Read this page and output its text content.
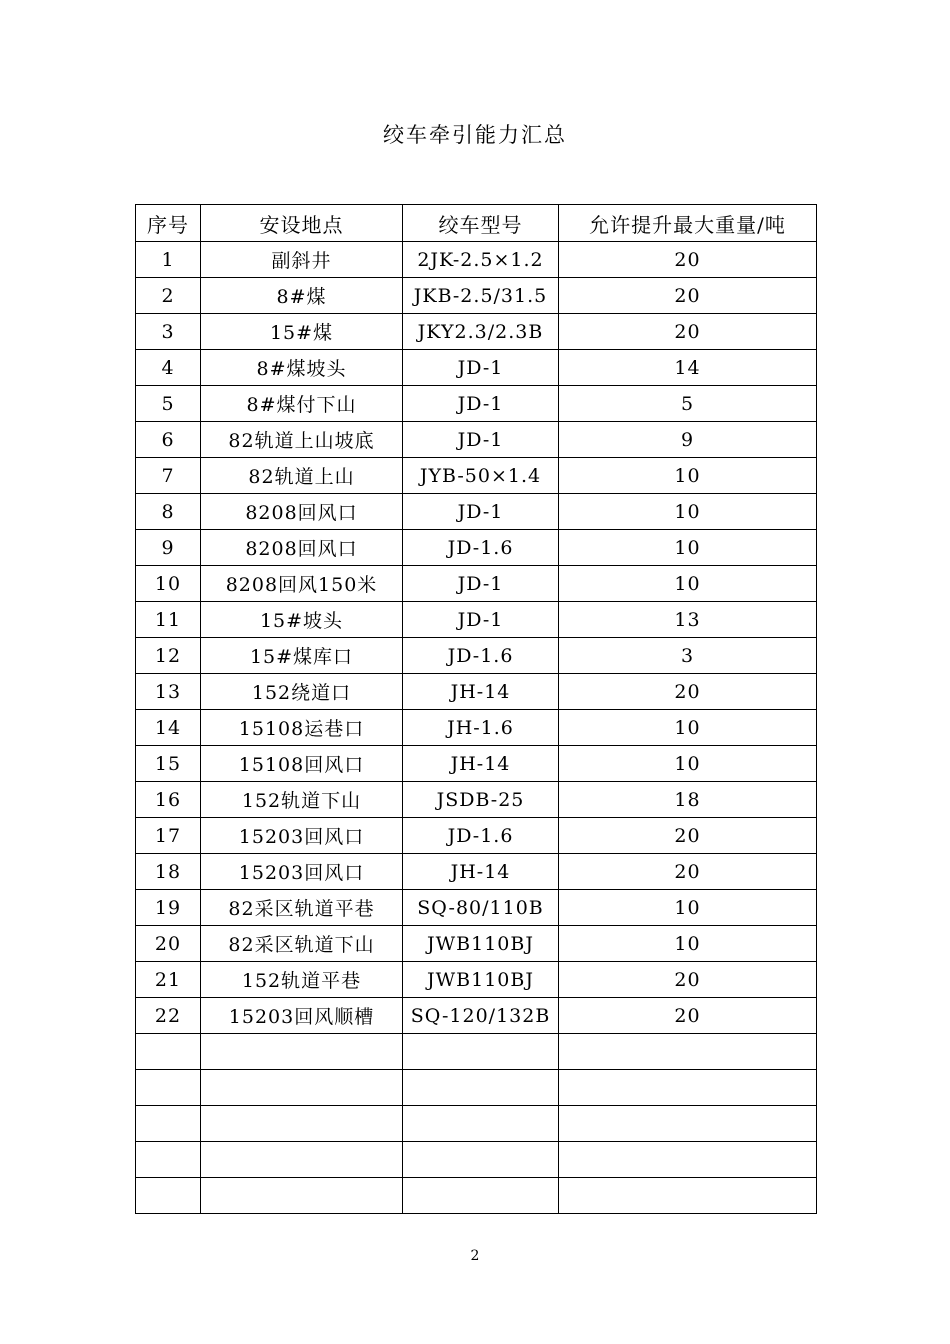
绞车牵引能力汇总
序号	安设地点	绞车型号	允许提升最大重量/吨
1	副斜井	2JK-2.5×1.2	20
2	8#煤	JKB-2.5/31.5	20
3	15#煤	JKY2.3/2.3B	20
4	8#煤坡头	JD-1	14
5	8#煤付下山	JD-1	5
6	82轨道上山坡底	JD-1	9
7	82轨道上山	JYB-50×1.4	10
8	8208回风口	JD-1	10
9	8208回风口	JD-1.6	10
10	8208回风150米	JD-1	10
11	15#坡头	JD-1	13
12	15#煤库口	JD-1.6	3
13	152绕道口	JH-14	20
14	15108运巷口	JH-1.6	10
15	15108回风口	JH-14	10
16	152轨道下山	JSDB-25	18
17	15203回风口	JD-1.6	20
18	15203回风口	JH-14	20
19	82采区轨道平巷	SQ-80/110B	10
20	82采区轨道下山	JWB110BJ	10
21	152轨道平巷	JWB110BJ	20
22	15203回风顺槽	SQ-120/132B	20

2
